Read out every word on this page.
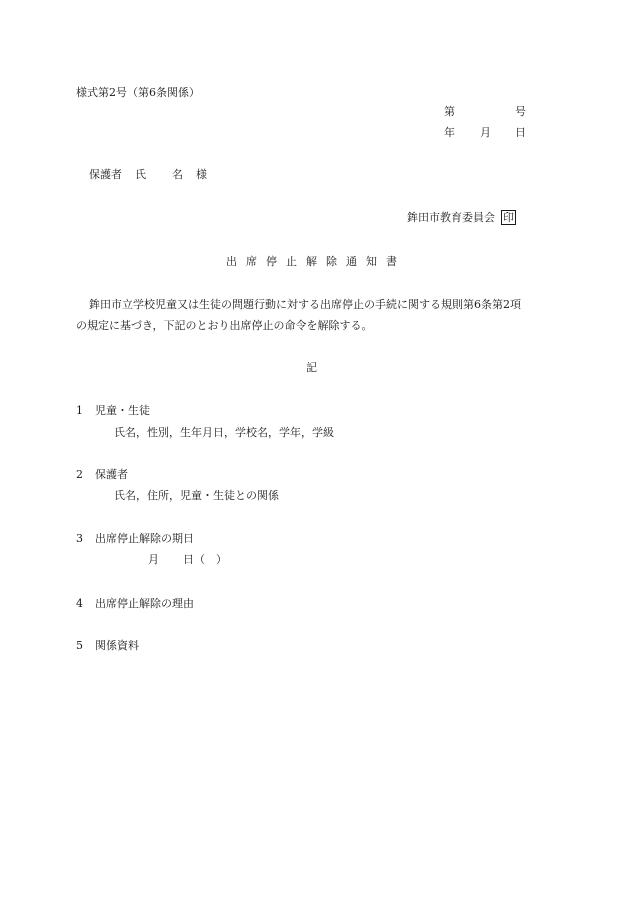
様式第2号（第6条関係）
第	号
年 月 日
保護者 氏 名 様
鉾田市教育委員会 印
出 席 停 止 解 除 通 知 書
鉾田市立学校児童又は生徒の問題行動に対する出席停止の手続に関する規則第6条第2項
の規定に基づき，下記のとおり出席停止の命令を解除する。
記
1 児童・生徒
氏名，性別，生年月日，学校名，学年，学級
2 保護者
氏名，住所，児童・生徒との関係
3 出席停止解除の期日
月 日（　）
4 出席停止解除の理由
5 関係資料
